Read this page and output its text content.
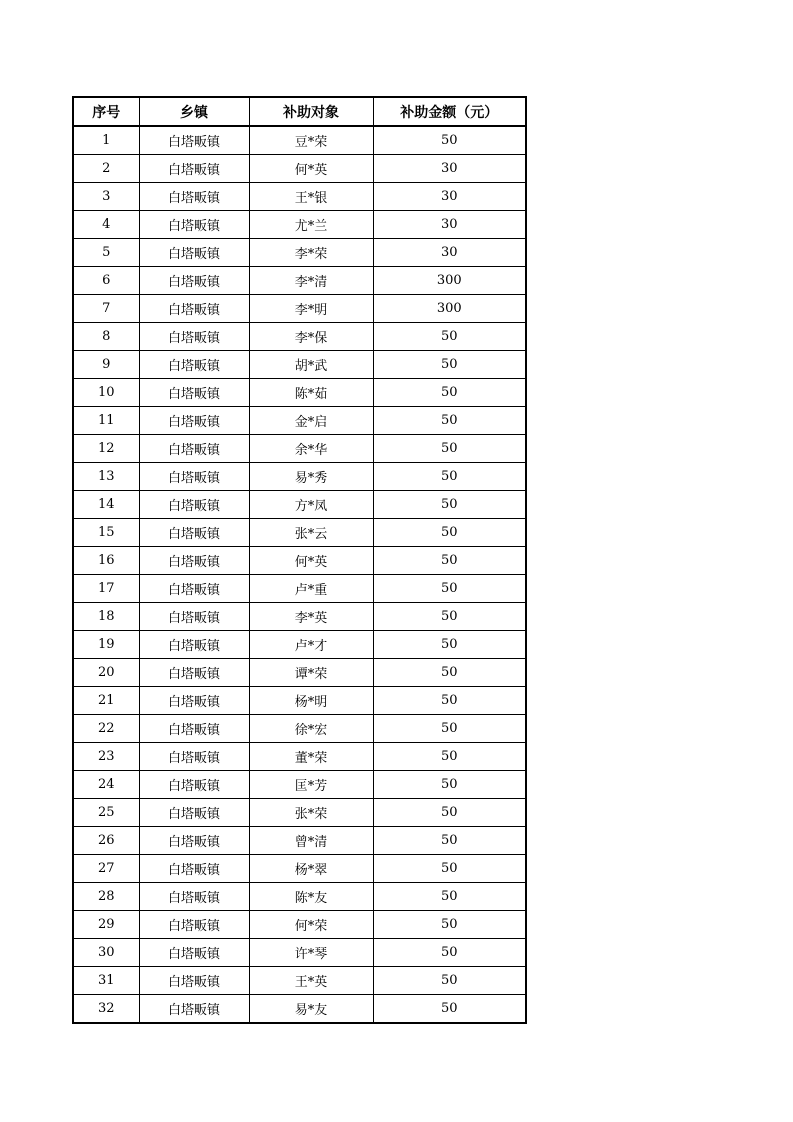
序号	乡镇	补助对象	补助金额（元）
1	白塔畈镇	豆*荣	50
2	白塔畈镇	何*英	30
3	白塔畈镇	王*银	30
4	白塔畈镇	尤*兰	30
5	白塔畈镇	李*荣	30
6	白塔畈镇	李*清	300
7	白塔畈镇	李*明	300
8	白塔畈镇	李*保	50
9	白塔畈镇	胡*武	50
10	白塔畈镇	陈*茹	50
11	白塔畈镇	金*启	50
12	白塔畈镇	余*华	50
13	白塔畈镇	易*秀	50
14	白塔畈镇	方*凤	50
15	白塔畈镇	张*云	50
16	白塔畈镇	何*英	50
17	白塔畈镇	卢*重	50
18	白塔畈镇	李*英	50
19	白塔畈镇	卢*才	50
20	白塔畈镇	谭*荣	50
21	白塔畈镇	杨*明	50
22	白塔畈镇	徐*宏	50
23	白塔畈镇	董*荣	50
24	白塔畈镇	匡*芳	50
25	白塔畈镇	张*荣	50
26	白塔畈镇	曾*清	50
27	白塔畈镇	杨*翠	50
28	白塔畈镇	陈*友	50
29	白塔畈镇	何*荣	50
30	白塔畈镇	许*琴	50
31	白塔畈镇	王*英	50
32	白塔畈镇	易*友	50
